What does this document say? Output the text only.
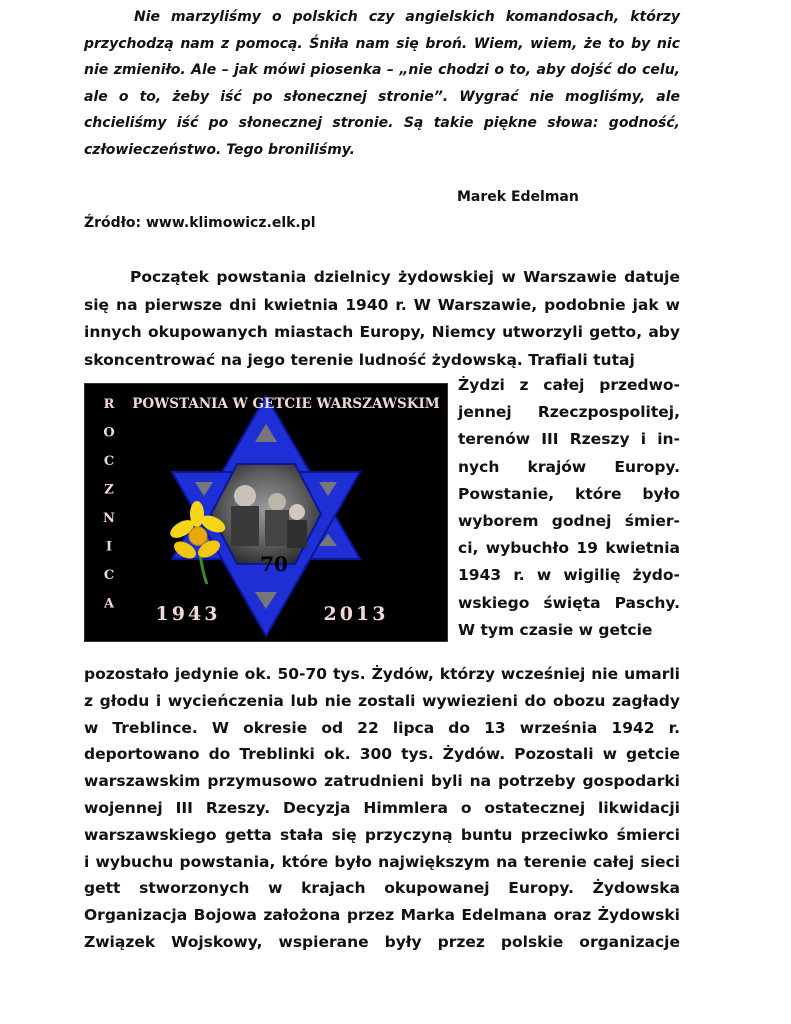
Nie marzyliśmy o polskich czy angielskich komandosach, którzy przychodzą nam z pomocą. Śniła nam się broń. Wiem, wiem, że to by nic nie zmieniło. Ale – jak mówi piosenka – „nie chodzi o to, aby dojść do celu, ale o to, żeby iść po słonecznej stronie”. Wygrać nie mogliśmy, ale chcieliśmy iść po słonecznej stronie. Są takie piękne słowa: godność, człowieczeństwo. Tego broniliśmy.

Marek Edelman

Źródło: www.klimowicz.elk.pl

Początek powstania dzielnicy żydowskiej w Warszawie datuje się na pierwsze dni kwietnia 1940 r. W Warszawie, podobnie jak w innych okupowanych miastach Europy, Niemcy utworzyli getto, aby skoncentrować na jego terenie ludność żydowską. Trafiali tutaj

POWSTANIA W GETCIE WARSZAWSKIM
R
O
C
Z
N
I
C
A
70
1943	2013
Żydzi z całej przedwo-
jennej Rzeczpospolitej,
terenów III Rzeszy i in-
nych krajów Europy.
Powstanie, które było
wyborem godnej śmier-
ci, wybuchło 19 kwietnia
1943 r. w wigilię żydo-
wskiego święta Paschy.
W tym czasie w getcie
pozostało jedynie ok. 50-70 tys. Żydów, którzy wcześniej nie umarli
z głodu i wycieńczenia lub nie zostali wywiezieni do obozu zagłady
w Treblince. W okresie od 22 lipca do 13 września 1942 r.
deportowano do Treblinki ok. 300 tys. Żydów. Pozostali w getcie
warszawskim przymusowo zatrudnieni byli na potrzeby gospodarki
wojennej III Rzeszy. Decyzja Himmlera o ostatecznej likwidacji
warszawskiego getta stała się przyczyną buntu przeciwko śmierci
i wybuchu powstania, które było największym na terenie całej sieci
gett stworzonych w krajach okupowanej Europy. Żydowska
Organizacja Bojowa założona przez Marka Edelmana oraz Żydowski
Związek Wojskowy, wspierane były przez polskie organizacje
